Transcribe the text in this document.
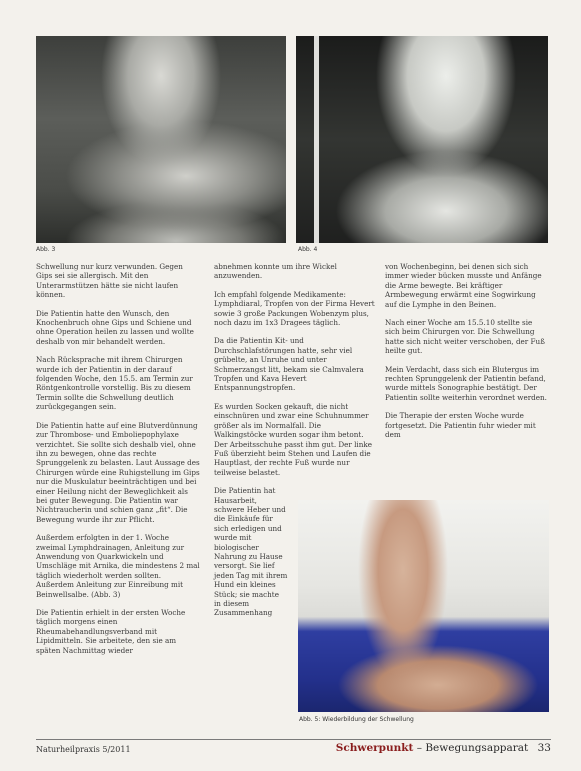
Abb. 3	Abb. 4

Schwellung nur kurz verwunden. Gegen Gips sei sie allergisch. Mit den Unterarmstützen hätte sie nicht laufen können.

Die Patientin hatte den Wunsch, den Knochenbruch ohne Gips und Schiene und ohne Operation heilen zu lassen und wollte deshalb von mir behandelt werden.

Nach Rücksprache mit ihrem Chirurgen wurde ich der Patientin in der darauf folgenden Woche, den 15.5. am Termin zur Röntgenkontrolle vorstellig. Bis zu diesem Termin sollte die Schwellung deutlich zurückgegangen sein.

Die Patientin hatte auf eine Blutverdünnung zur Thrombose- und Emboliepophylaxe verzichtet. Sie sollte sich deshalb viel, ohne ihn zu bewegen, ohne das rechte Sprunggelenk zu belasten. Laut Aussage des Chirurgen würde eine Ruhigstellung im Gips nur die Muskulatur beeinträchtigen und bei einer Heilung nicht der Beweglichkeit als bei guter Bewegung. Die Patientin war Nichtraucherin und schien ganz „fit“. Die Bewegung wurde ihr zur Pflicht.

Außerdem erfolgten in der 1. Woche zweimal Lymphdrainagen, Anleitung zur Anwendung von Quarkwickeln und Umschläge mit Arnika, die mindestens 2 mal täglich wiederholt werden sollten. Außerdem Anleitung zur Einreibung mit Beinwellsalbe. (Abb. 3)

Die Patientin erhielt in der ersten Woche täglich morgens einen Rheumabehandlungsverband mit Lipidmitteln. Sie arbeitete, den sie am späten Nachmittag wieder

abnehmen konnte um ihre Wickel anzuwenden.

Ich empfahl folgende Medikamente: Lymphdiaral, Tropfen von der Firma Hevert sowie 3 große Packungen Wobenzym plus, noch dazu im 1x3 Dragees täglich.

Da die Patientin Kit- und Durchschlafstörungen hatte, sehr viel grübelte, an Unruhe und unter Schmerzangst litt, bekam sie Calmvalera Tropfen und Kava Hevert Entspannungstropfen.

Es wurden Socken gekauft, die nicht einschnüren und zwar eine Schuhnummer größer als im Normalfall. Die Walkingstöcke wurden sogar ihm betont. Der Arbeitsschuhe passt ihm gut. Der linke Fuß überzieht beim Stehen und Laufen die Hauptlast, der rechte Fuß wurde nur teilweise belastet.

Die Patientin hat Hausarbeit, schwere Heber und die Einkäufe für sich erledigen und wurde mit biologischer Nahrung zu Hause versorgt. Sie lief jeden Tag mit ihrem Hund ein kleines Stück; sie machte in diesem Zusammenhang

von Wochenbeginn, bei denen sich sich immer wieder bücken musste und Anfänge die Arme bewegte. Bei kräftiger Armbewegung erwärmt eine Sogwirkung auf die Lymphe in den Beinen.

Nach einer Woche am 15.5.10 stellte sie sich beim Chirurgen vor. Die Schwellung hatte sich nicht weiter verschoben, der Fuß heilte gut.

Mein Verdacht, dass sich ein Blutergus im rechten Sprunggelenk der Patientin befand, wurde mittels Sonographie bestätigt. Der Patientin sollte weiterhin verordnet werden.

Die Therapie der ersten Woche wurde fortgesetzt. Die Patientin fuhr wieder mit dem

Abb. 5: Wiederbildung der Schwellung
Naturheilpraxis 5/2011	Schwerpunkt – Bewegungsapparat 33
